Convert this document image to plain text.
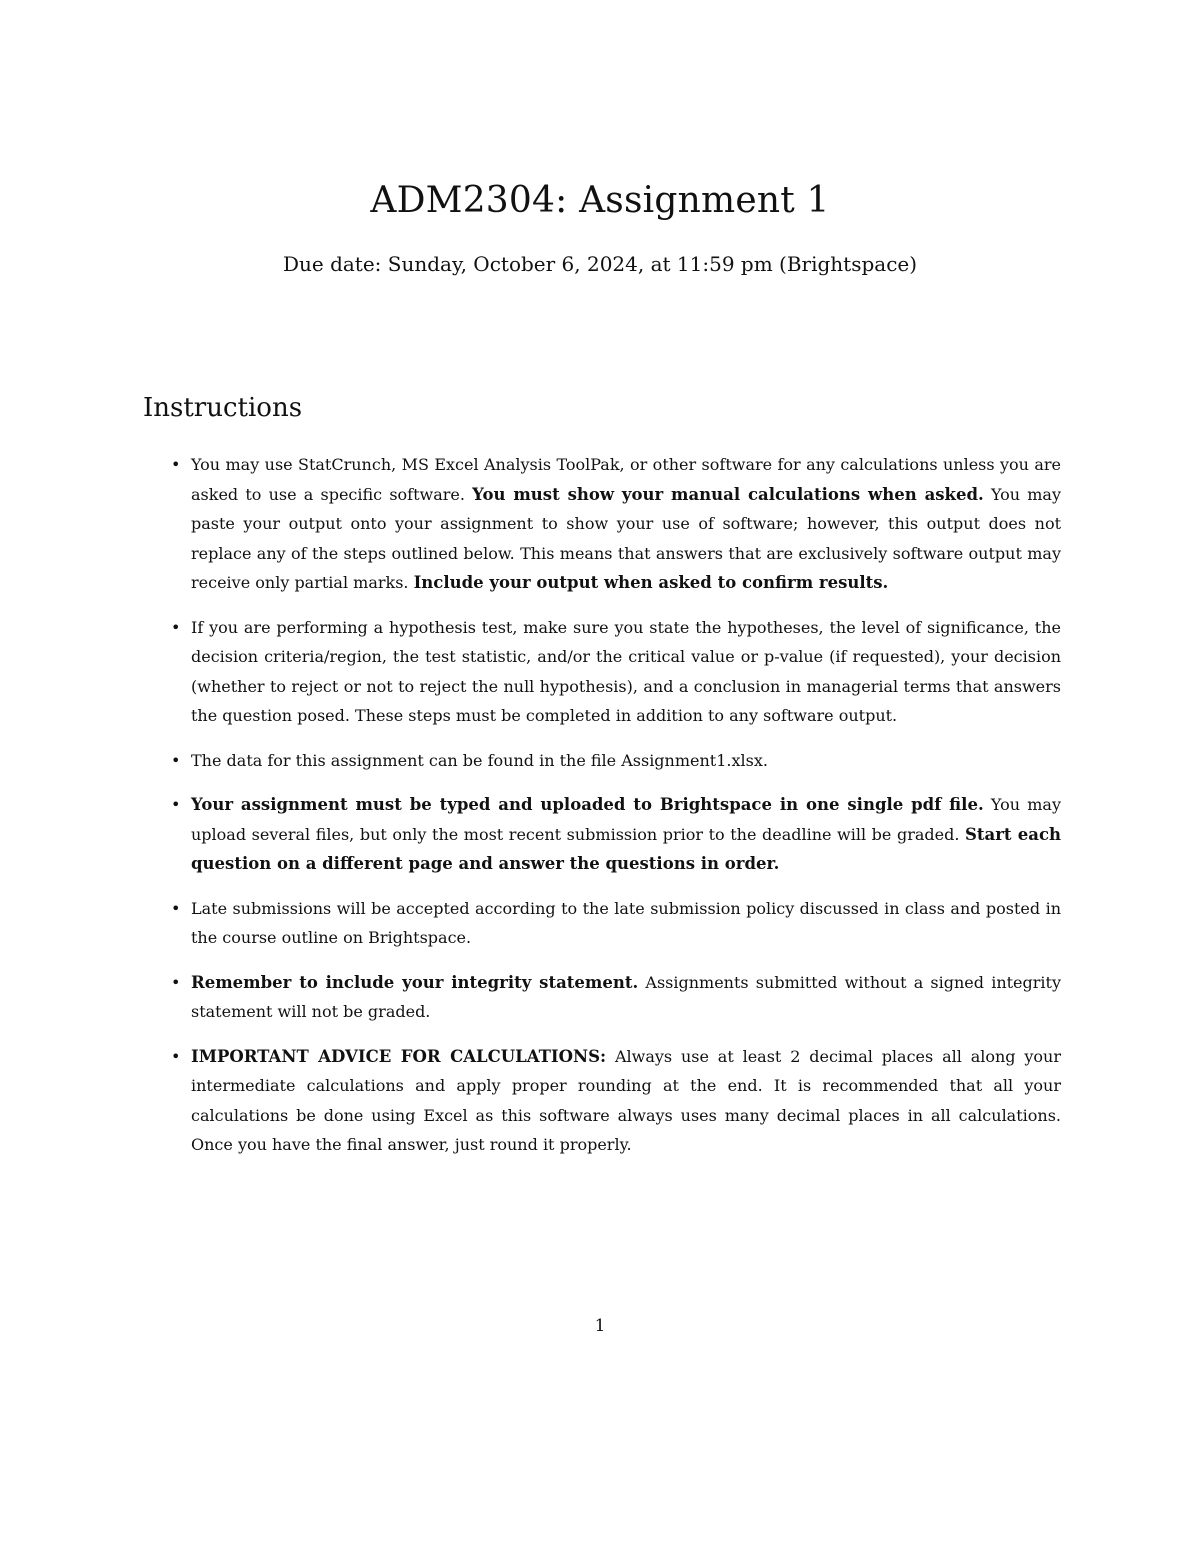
ADM2304: Assignment 1

Due date: Sunday, October 6, 2024, at 11:59 pm (Brightspace)

Instructions
• You may use StatCrunch, MS Excel Analysis ToolPak, or other software for any calculations unless you are asked to use a specific software. You must show your manual calculations when asked. You may paste your output onto your assignment to show your use of software; however, this output does not replace any of the steps outlined below. This means that answers that are exclusively software output may receive only partial marks. Include your output when asked to confirm results.
• If you are performing a hypothesis test, make sure you state the hypotheses, the level of significance, the decision criteria/region, the test statistic, and/or the critical value or p-value (if requested), your decision (whether to reject or not to reject the null hypothesis), and a conclusion in managerial terms that answers the question posed. These steps must be completed in addition to any software output.
• The data for this assignment can be found in the file Assignment1.xlsx.
• Your assignment must be typed and uploaded to Brightspace in one single pdf file. You may upload several files, but only the most recent submission prior to the deadline will be graded. Start each question on a different page and answer the questions in order.
• Late submissions will be accepted according to the late submission policy discussed in class and posted in the course outline on Brightspace.
• Remember to include your integrity statement. Assignments submitted without a signed integrity statement will not be graded.
• IMPORTANT ADVICE FOR CALCULATIONS: Always use at least 2 decimal places all along your intermediate calculations and apply proper rounding at the end. It is recommended that all your calculations be done using Excel as this software always uses many decimal places in all calculations. Once you have the final answer, just round it properly.
1
